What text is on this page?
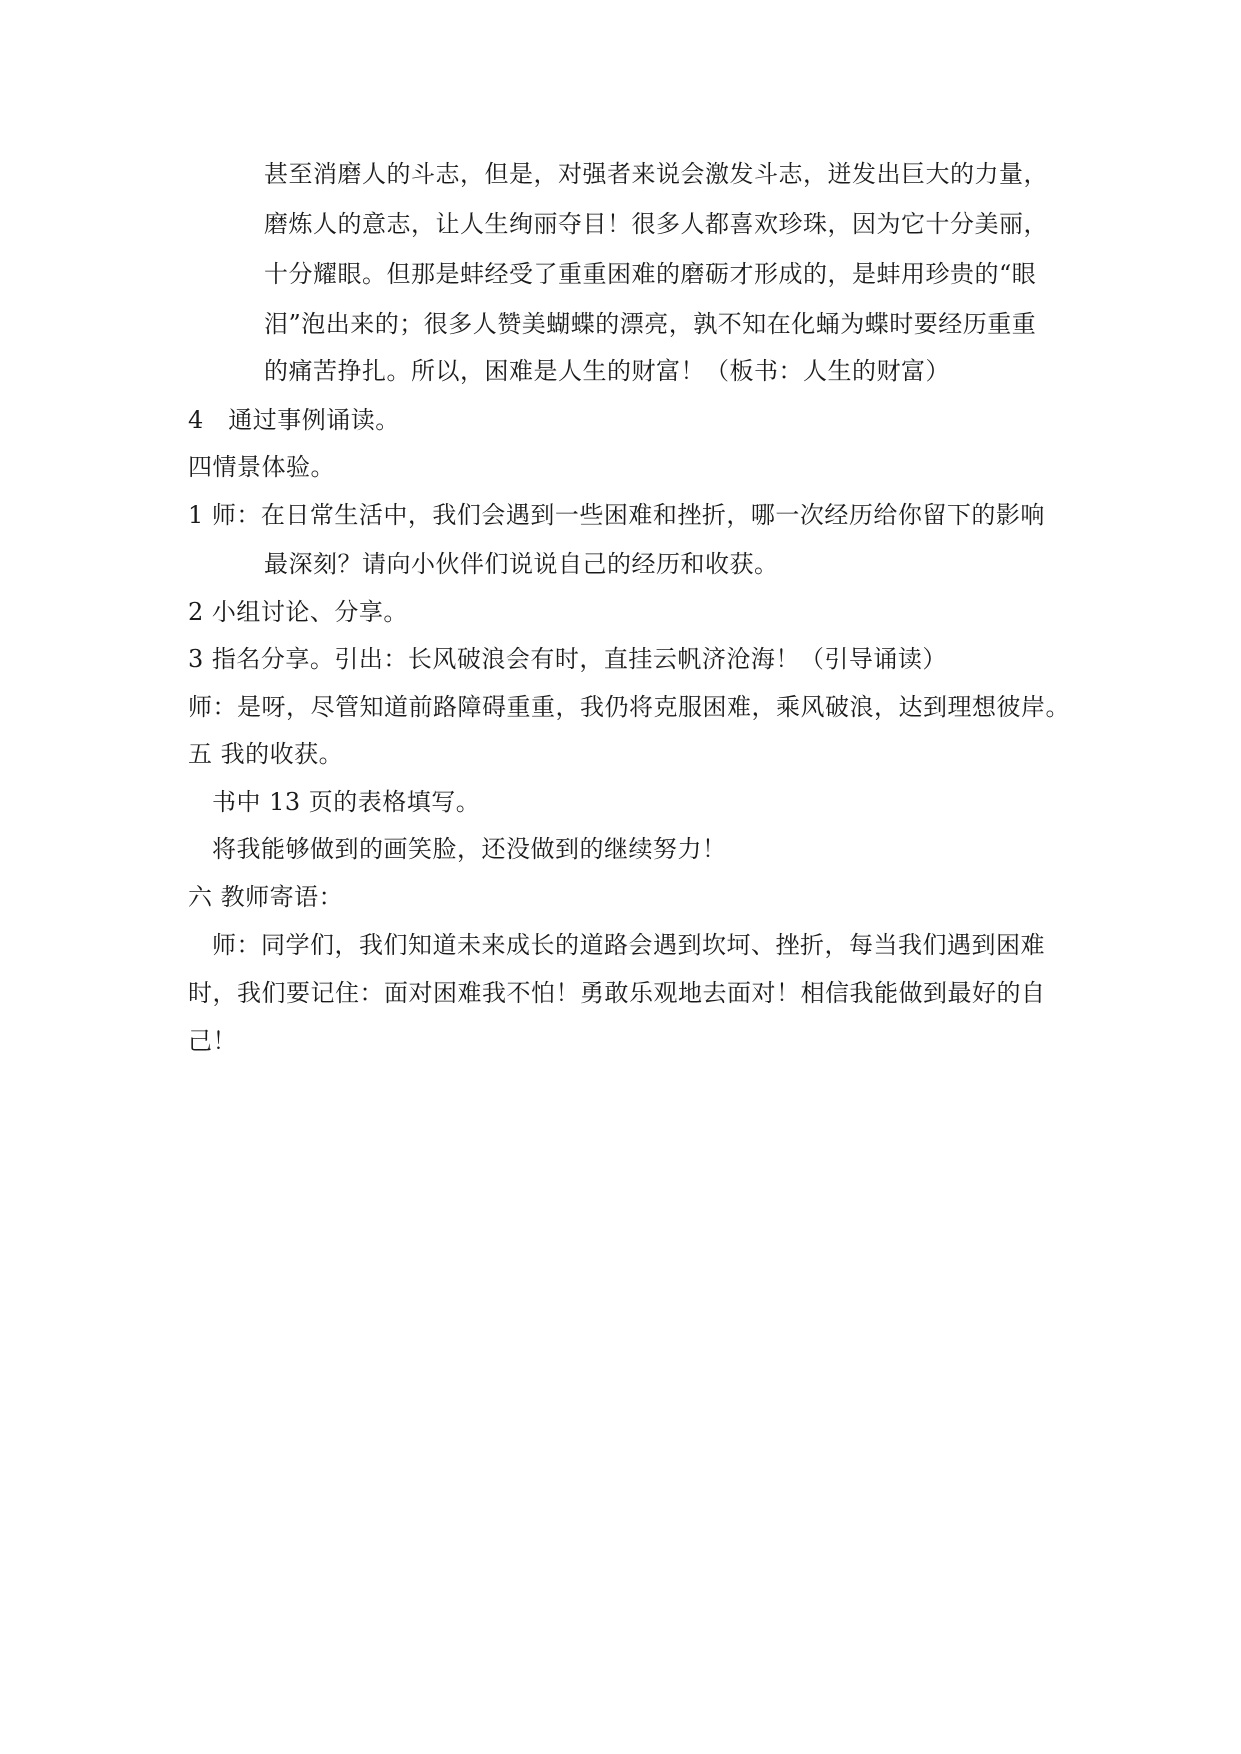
甚至消磨人的斗志，但是，对强者来说会激发斗志，迸发出巨大的力量，
磨炼人的意志，让人生绚丽夺目！很多人都喜欢珍珠，因为它十分美丽，
十分耀眼。但那是蚌经受了重重困难的磨砺才形成的，是蚌用珍贵的“眼
泪”泡出来的；很多人赞美蝴蝶的漂亮，孰不知在化蛹为蝶时要经历重重
的痛苦挣扎。所以，困难是人生的财富！（板书：人生的财富）
4　通过事例诵读。
四情景体验。
1 师：在日常生活中，我们会遇到一些困难和挫折，哪一次经历给你留下的影响
最深刻？请向小伙伴们说说自己的经历和收获。
2 小组讨论、分享。
3 指名分享。引出：长风破浪会有时，直挂云帆济沧海！（引导诵读）
师：是呀，尽管知道前路障碍重重，我仍将克服困难，乘风破浪，达到理想彼岸。
五 我的收获。
书中 13 页的表格填写。
将我能够做到的画笑脸，还没做到的继续努力！
六 教师寄语：
师：同学们，我们知道未来成长的道路会遇到坎坷、挫折，每当我们遇到困难
时，我们要记住：面对困难我不怕！勇敢乐观地去面对！相信我能做到最好的自
己！
